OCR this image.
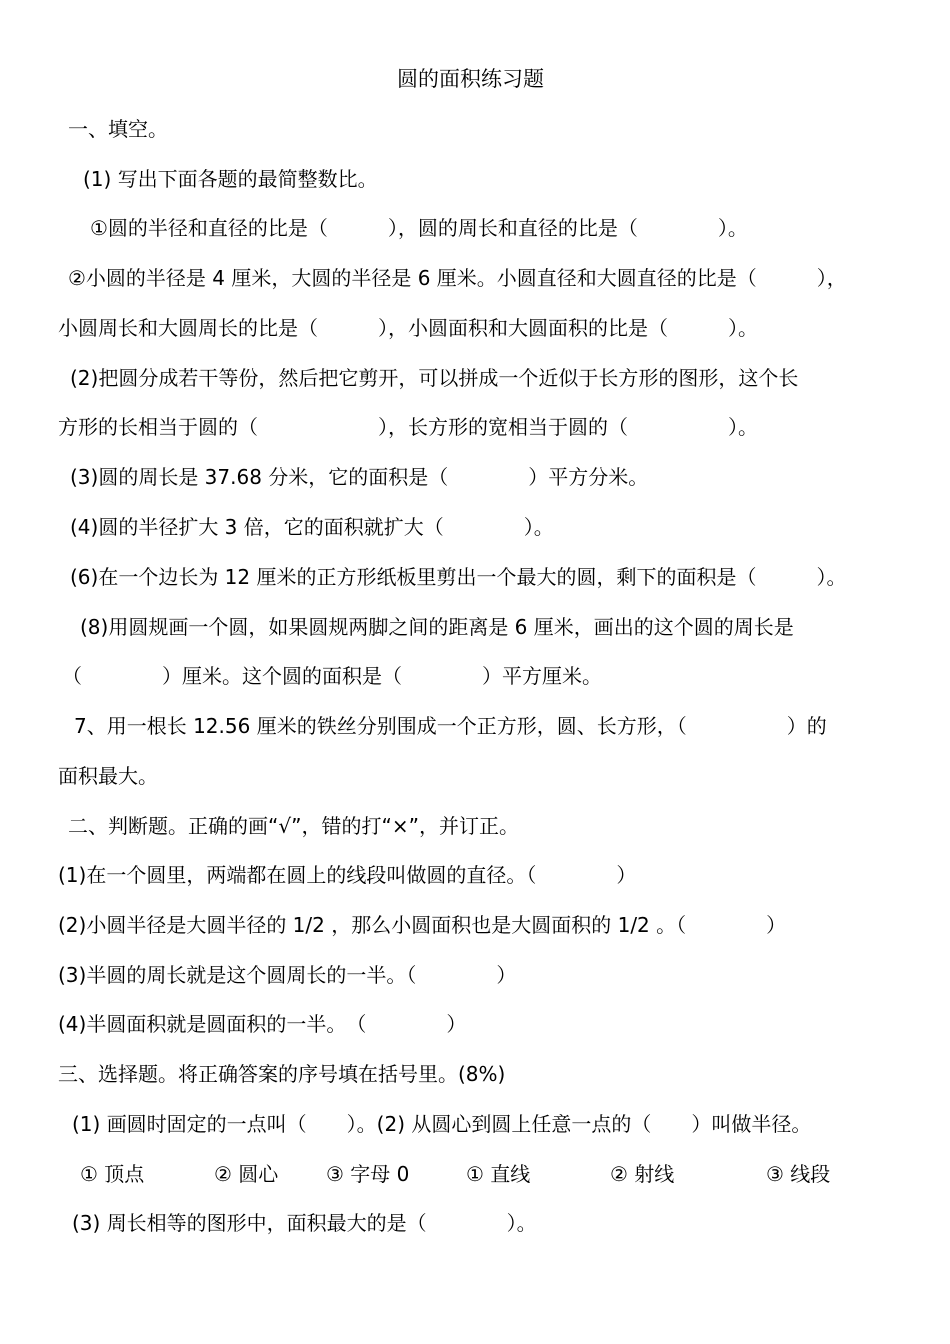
圆的面积练习题
一、填空。
(1) 写出下面各题的最简整数比。
①圆的半径和直径的比是（　　　），圆的周长和直径的比是（　　　　）。
②小圆的半径是 4 厘米，大圆的半径是 6 厘米。小圆直径和大圆直径的比是（　　　），
小圆周长和大圆周长的比是（　　　），小圆面积和大圆面积的比是（　　　）。
(2)把圆分成若干等份，然后把它剪开，可以拼成一个近似于长方形的图形，这个长
方形的长相当于圆的（　　　　　　），长方形的宽相当于圆的（　　　　　）。
(3)圆的周长是 37.68 分米，它的面积是（　　　　）平方分米。
(4)圆的半径扩大 3 倍，它的面积就扩大（　　　　）。
(6)在一个边长为 12 厘米的正方形纸板里剪出一个最大的圆，剩下的面积是（　　　）。
(8)用圆规画一个圆，如果圆规两脚之间的距离是 6 厘米，画出的这个圆的周长是
（　　　　）厘米。这个圆的面积是（　　　　）平方厘米。
7、用一根长 12.56 厘米的铁丝分别围成一个正方形，圆、长方形，（　　　　　）的
面积最大。
二、判断题。正确的画“√”，错的打“×”，并订正。
(1)在一个圆里，两端都在圆上的线段叫做圆的直径。（　　　　）
(2)小圆半径是大圆半径的 1/2 ，那么小圆面积也是大圆面积的 1/2 。（　　　　）
(3)半圆的周长就是这个圆周长的一半。（　　　　）
(4)半圆面积就是圆面积的一半。　（　　　　）
三、选择题。将正确答案的序号填在括号里。(8%)
(1) 画圆时固定的一点叫（　　）。(2) 从圆心到圆上任意一点的（　　）叫做半径。
① 顶点	② 圆心 ③ 字母 0	① 直线	② 射线	③ 线段
(3) 周长相等的图形中，面积最大的是（　　　　）。
